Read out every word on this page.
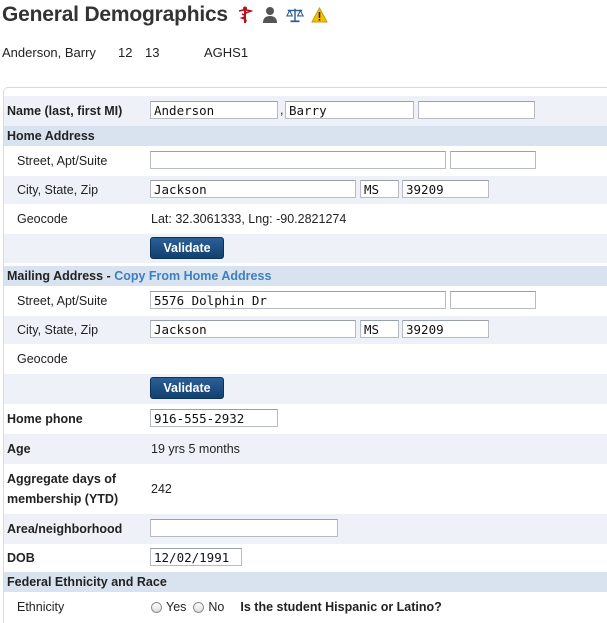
General Demographics
Anderson, Barry	12 13	AGHS1
Name (last, first MI)	Anderson	, Barry
Home Address
Street, Apt/Suite
City, State, Zip	Jackson	MS	39209
Geocode	Lat: 32.3061333, Lng: -90.2821274
Validate
Mailing Address - Copy From Home Address
Street, Apt/Suite	5576 Dolphin Dr
City, State, Zip	Jackson	MS	39209
Geocode
Validate
Home phone	916-555-2932
Age	19 yrs 5 months
Aggregate days of
membership (YTD)
242
Area/neighborhood
DOB	12/02/1991
Federal Ethnicity and Race
Ethnicity	Yes No Is the student Hispanic or Latino?
